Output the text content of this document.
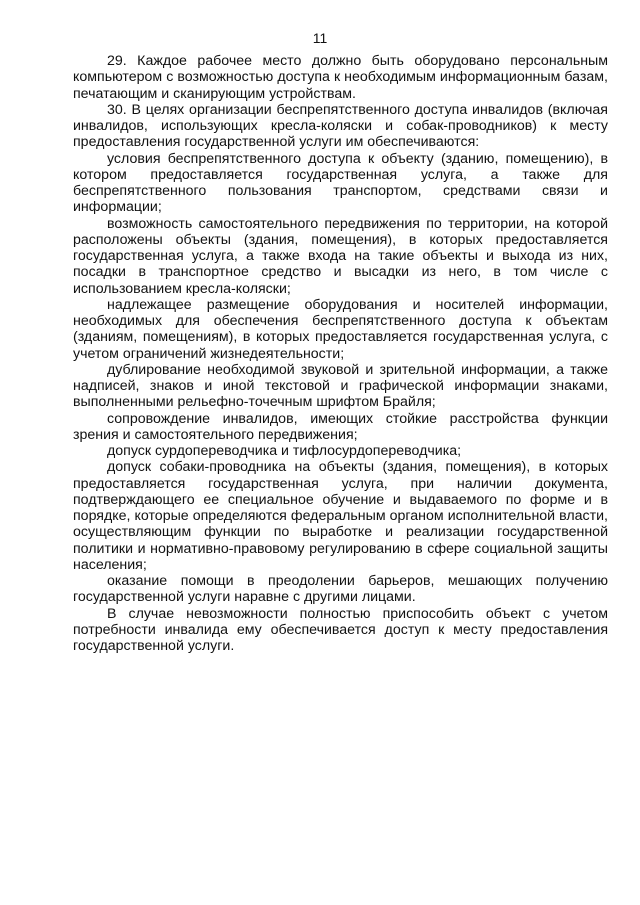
11

29. Каждое рабочее место должно быть оборудовано персональным компьютером с возможностью доступа к необходимым информационным базам, печатающим и сканирующим устройствам.

30. В целях организации беспрепятственного доступа инвалидов (включая инвалидов, использующих кресла-коляски и собак-проводников) к месту предоставления государственной услуги им обеспечиваются:

условия беспрепятственного доступа к объекту (зданию, помещению), в котором предоставляется государственная услуга, а также для беспрепятственного пользования транспортом, средствами связи и информации;

возможность самостоятельного передвижения по территории, на которой расположены объекты (здания, помещения), в которых предоставляется государственная услуга, а также входа на такие объекты и выхода из них, посадки в транспортное средство и высадки из него, в том числе с использованием кресла-коляски;

надлежащее размещение оборудования и носителей информации, необходимых для обеспечения беспрепятственного доступа к объектам (зданиям, помещениям), в которых предоставляется государственная услуга, с учетом ограничений жизнедеятельности;

дублирование необходимой звуковой и зрительной информации, а также надписей, знаков и иной текстовой и графической информации знаками, выполненными рельефно-точечным шрифтом Брайля;

сопровождение инвалидов, имеющих стойкие расстройства функции зрения и самостоятельного передвижения;

допуск сурдопереводчика и тифлосурдопереводчика;

допуск собаки-проводника на объекты (здания, помещения), в которых предоставляется государственная услуга, при наличии документа, подтверждающего ее специальное обучение и выдаваемого по форме и в порядке, которые определяются федеральным органом исполнительной власти, осуществляющим функции по выработке и реализации государственной политики и нормативно-правовому регулированию в сфере социальной защиты населения;

оказание помощи в преодолении барьеров, мешающих получению государственной услуги наравне с другими лицами.

В случае невозможности полностью приспособить объект с учетом потребности инвалида ему обеспечивается доступ к месту предоставления государственной услуги.
